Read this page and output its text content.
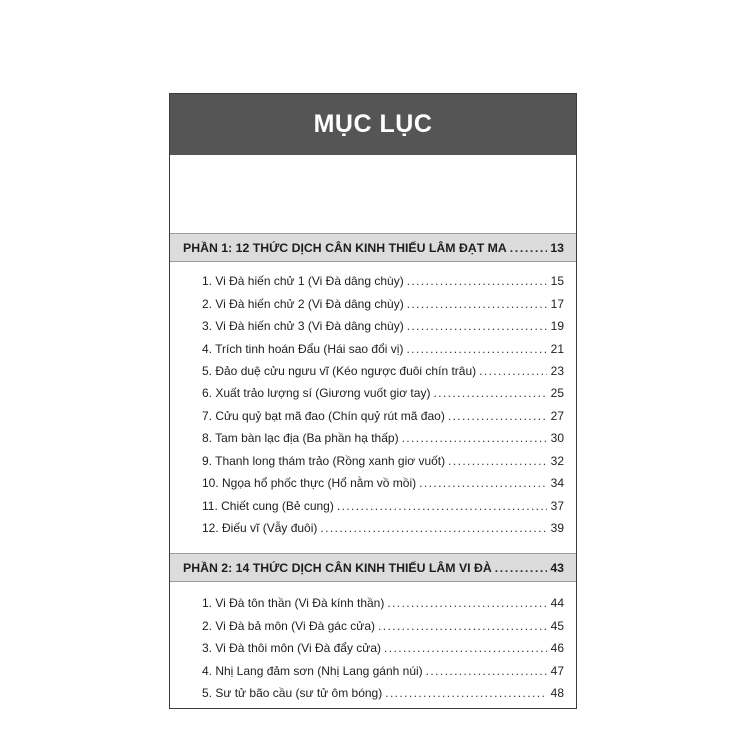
MỤC LỤC
PHẦN 1: 12 THỨC DỊCH CÂN KINH THIẾU LÂM ĐẠT MA .....	13
1. Vi Đà hiến chử 1 (Vi Đà dâng chùy) .....	15
2. Vi Đà hiến chử 2 (Vi Đà dâng chùy) .....	17
3. Vi Đà hiến chử 3 (Vi Đà dâng chùy) .....	19
4. Trích tinh hoán Đẩu (Hái sao đổi vị) .....	21
5. Đảo duệ cửu ngưu vĩ (Kéo ngược đuôi chín trâu) .....	23
6. Xuất trảo lượng sí (Giương vuốt giơ tay) .....	25
7. Cửu quỷ bạt mã đao (Chín quỷ rút mã đao) .....	27
8. Tam bàn lạc địa (Ba phần hạ thấp) .....	30
9. Thanh long thám trảo (Rồng xanh giơ vuốt) .....	32
10. Ngọa hổ phốc thực (Hổ nằm vồ mồi) .....	34
11. Chiết cung (Bẻ cung) .....	37
12. Điếu vĩ (Vẫy đuôi) .....	39
PHẦN 2: 14 THỨC DỊCH CÂN KINH THIẾU LÂM VI ĐÀ .....	43
1. Vi Đà tôn thần (Vi Đà kính thần) .....	44
2. Vi Đà bả môn (Vi Đà gác cửa) .....	45
3. Vi Đà thôi môn (Vi Đà đẩy cửa) .....	46
4. Nhị Lang đảm sơn (Nhị Lang gánh núi) .....	47
5. Sư tử bão cầu (sư tử ôm bóng) .....	48
